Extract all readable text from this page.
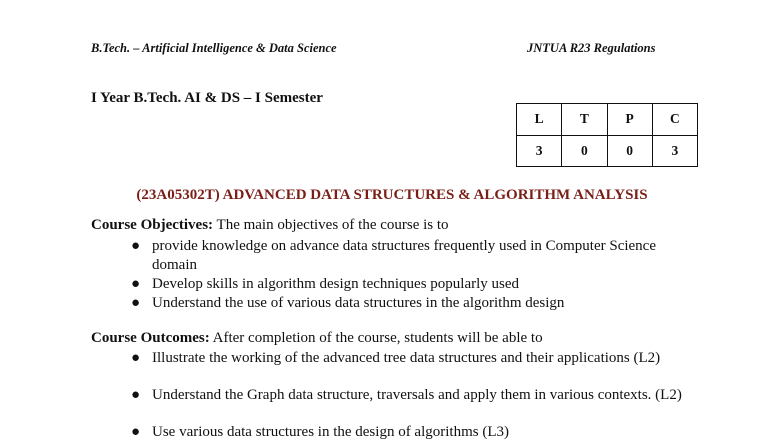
B.Tech. – Artificial Intelligence & Data Science	JNTUA R23 Regulations
I Year B.Tech. AI & DS – I Semester
L	T	P	C
3	0	0	3
(23A05302T) ADVANCED DATA STRUCTURES & ALGORITHM ANALYSIS
Course Objectives: The main objectives of the course is to
● provide knowledge on advance data structures frequently used in Computer Science domain
● Develop skills in algorithm design techniques popularly used
● Understand the use of various data structures in the algorithm design
Course Outcomes: After completion of the course, students will be able to
● Illustrate the working of the advanced tree data structures and their applications (L2)
● Understand the Graph data structure, traversals and apply them in various contexts. (L2)
● Use various data structures in the design of algorithms (L3)
